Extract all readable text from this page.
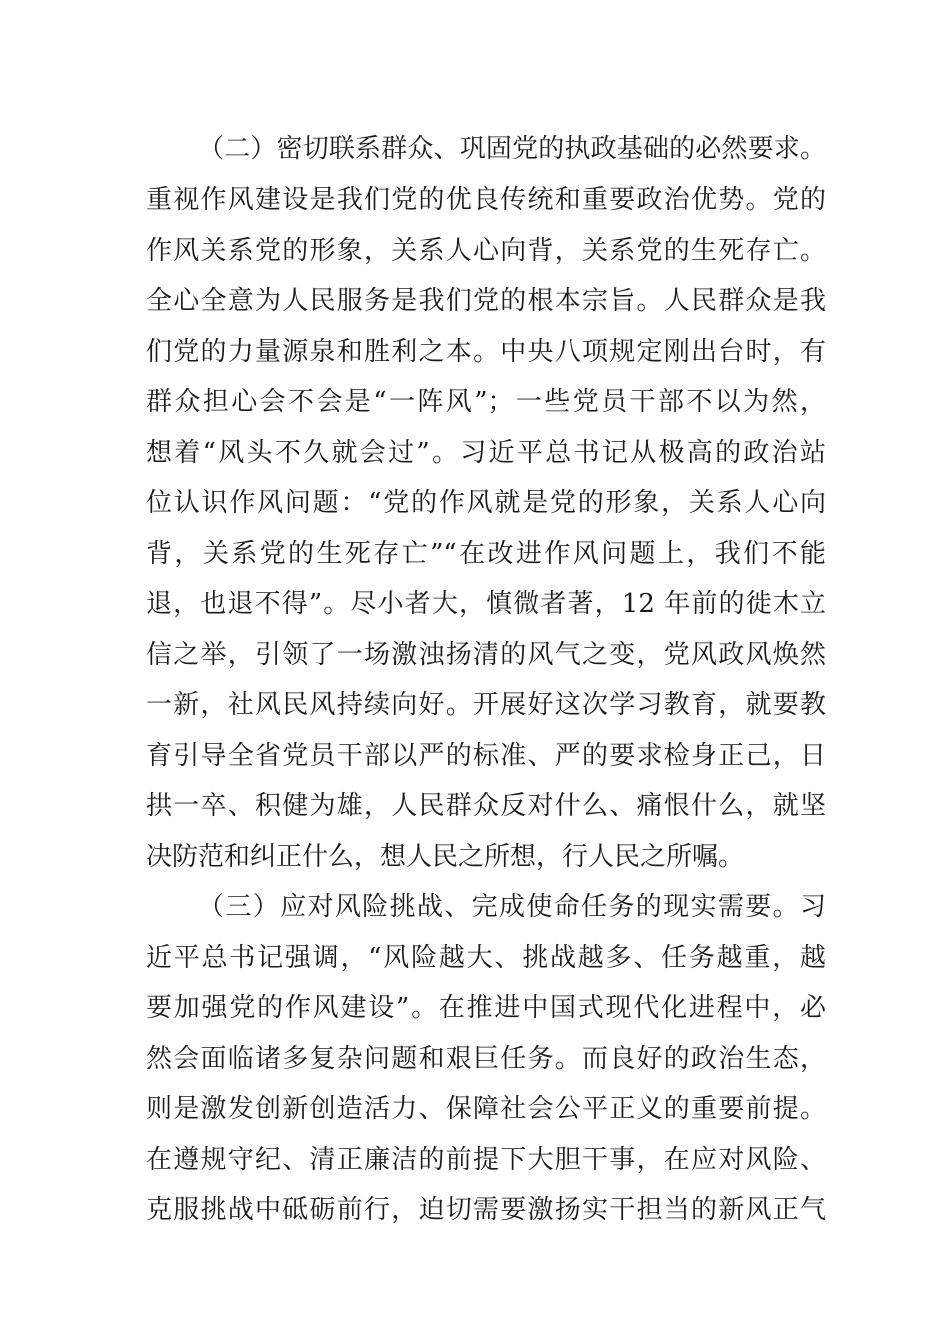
（二）密切联系群众、巩固党的执政基础的必然要求。
重视作风建设是我们党的优良传统和重要政治优势。党的
作风关系党的形象，关系人心向背，关系党的生死存亡。
全心全意为人民服务是我们党的根本宗旨。人民群众是我
们党的力量源泉和胜利之本。中央八项规定刚出台时，有
群众担心会不会是“一阵风”；一些党员干部不以为然，
想着“风头不久就会过”。习近平总书记从极高的政治站
位认识作风问题：“党的作风就是党的形象，关系人心向
背，关系党的生死存亡”“在改进作风问题上，我们不能
退，也退不得”。尽小者大，慎微者著，12 年前的徙木立
信之举，引领了一场激浊扬清的风气之变，党风政风焕然
一新，社风民风持续向好。开展好这次学习教育，就要教
育引导全省党员干部以严的标准、严的要求检身正己，日
拱一卒、积健为雄，人民群众反对什么、痛恨什么，就坚
决防范和纠正什么，想人民之所想，行人民之所嘱。
（三）应对风险挑战、完成使命任务的现实需要。习
近平总书记强调，“风险越大、挑战越多、任务越重，越
要加强党的作风建设”。在推进中国式现代化进程中，必
然会面临诸多复杂问题和艰巨任务。而良好的政治生态，
则是激发创新创造活力、保障社会公平正义的重要前提。
在遵规守纪、清正廉洁的前提下大胆干事，在应对风险、
克服挑战中砥砺前行，迫切需要激扬实干担当的新风正气
